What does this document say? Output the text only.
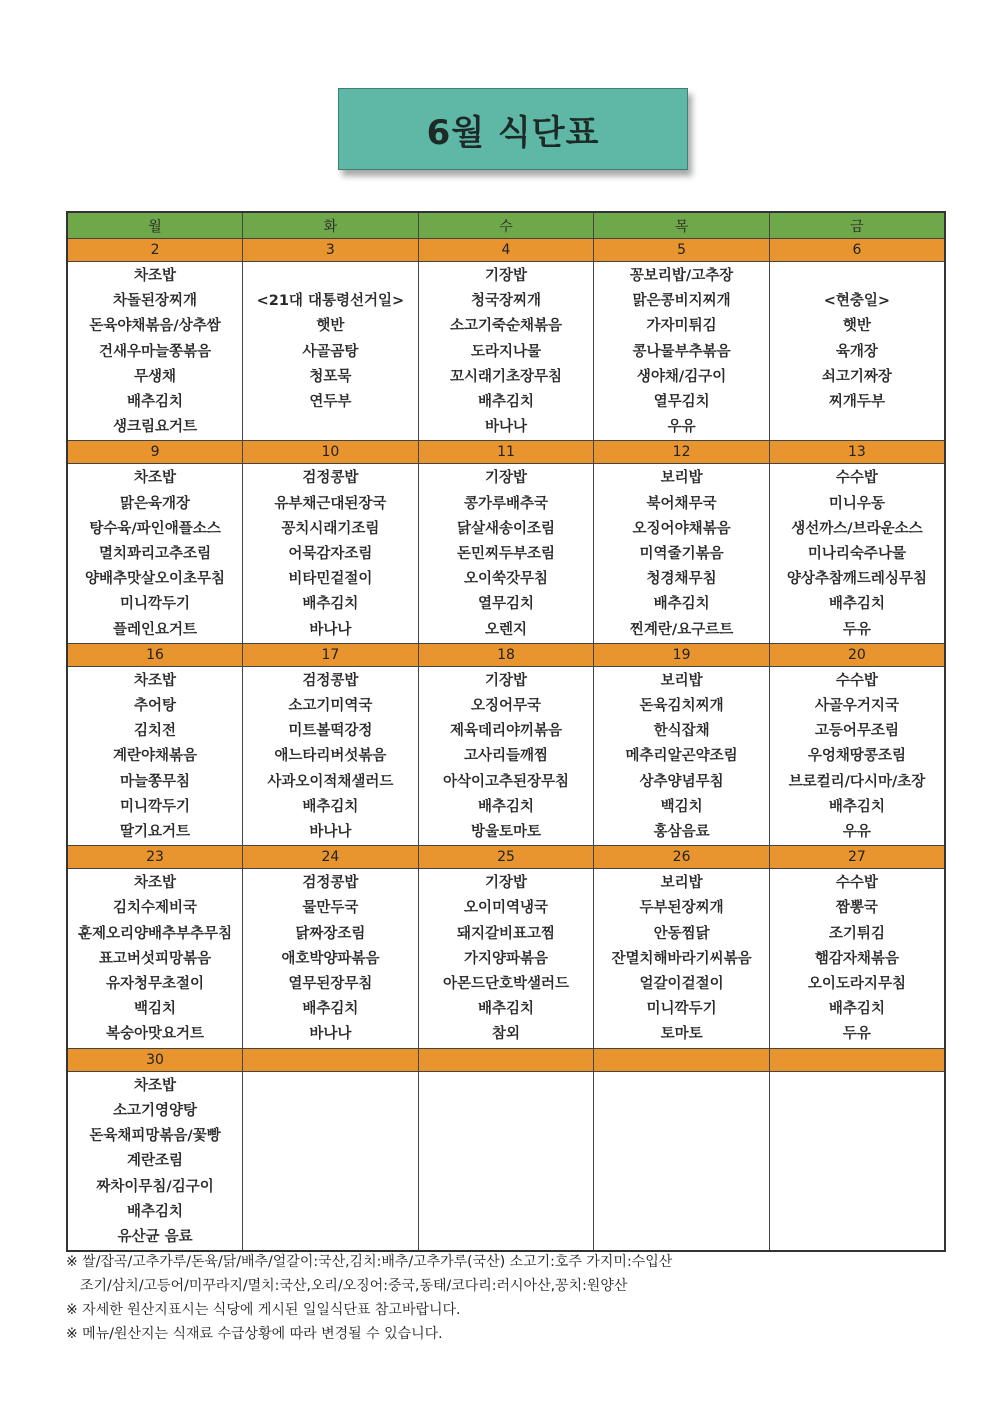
6월 식단표
월	화	수	목	금
2	3	4	5	6

차조밥
차돌된장찌개
돈육야채볶음/상추쌈
건새우마늘쫑볶음
무생채
배추김치
생크림요거트

<21대 대통령선거일>
햇반
사골곰탕
청포묵
연두부

기장밥
청국장찌개
소고기죽순채볶음
도라지나물
꼬시래기초장무침
배추김치
바나나

꽁보리밥/고추장
맑은콩비지찌개
가자미튀김
콩나물부추볶음
생야채/김구이
열무김치
우유

<현충일>
햇반
육개장
쇠고기짜장
찌개두부

9	10	11	12	13

차조밥
맑은육개장
탕수육/파인애플소스
멸치꽈리고추조림
양배추맛살오이초무침
미니깍두기
플레인요거트

검정콩밥
유부채근대된장국
꽁치시래기조림
어묵감자조림
비타민겉절이
배추김치
바나나

기장밥
콩가루배추국
닭살새송이조림
돈민찌두부조림
오이쑥갓무침
열무김치
오렌지

보리밥
북어채무국
오징어야채볶음
미역줄기볶음
청경채무침
배추김치
찐계란/요구르트

수수밥
미니우동
생선까스/브라운소스
미나리숙주나물
양상추참깨드레싱무침
배추김치
두유

16	17	18	19	20

차조밥
추어탕
김치전
계란야채볶음
마늘쫑무침
미니깍두기
딸기요거트

검정콩밥
소고기미역국
미트볼떡강정
애느타리버섯볶음
사과오이적채샐러드
배추김치
바나나

기장밥
오징어무국
제육데리야끼볶음
고사리들깨찜
아삭이고추된장무침
배추김치
방울토마토

보리밥
돈육김치찌개
한식잡채
메추리알곤약조림
상추양념무침
백김치
홍삼음료

수수밥
사골우거지국
고등어무조림
우엉채땅콩조림
브로컬리/다시마/초장
배추김치
우유

23	24	25	26	27

차조밥
김치수제비국
훈제오리양배추부추무침
표고버섯피망볶음
유자청무초절이
백김치
복숭아맛요거트

검정콩밥
물만두국
닭짜장조림
애호박양파볶음
열무된장무침
배추김치
바나나

기장밥
오이미역냉국
돼지갈비표고찜
가지양파볶음
아몬드단호박샐러드
배추김치
참외

보리밥
두부된장찌개
안동찜닭
잔멸치해바라기씨볶음
얼갈이겉절이
미니깍두기
토마토

수수밥
짬뽕국
조기튀김
햄감자채볶음
오이도라지무침
배추김치
두유

30				

차조밥
소고기영양탕
돈육채피망볶음/꽃빵
계란조림
짜차이무침/김구이
배추김치
유산균 음료

※ 쌀/잡곡/고추가루/돈육/닭/배추/얼갈이:국산,김치:배추/고추가루(국산) 소고기:호주 가지미:수입산
조기/삼치/고등어/미꾸라지/멸치:국산,오리/오징어:중국,동태/코다리:러시아산,꽁치:원양산
※ 자세한 원산지표시는 식당에 게시된 일일식단표 참고바랍니다.
※ 메뉴/원산지는 식재료 수급상황에 따라 변경될 수 있습니다.
